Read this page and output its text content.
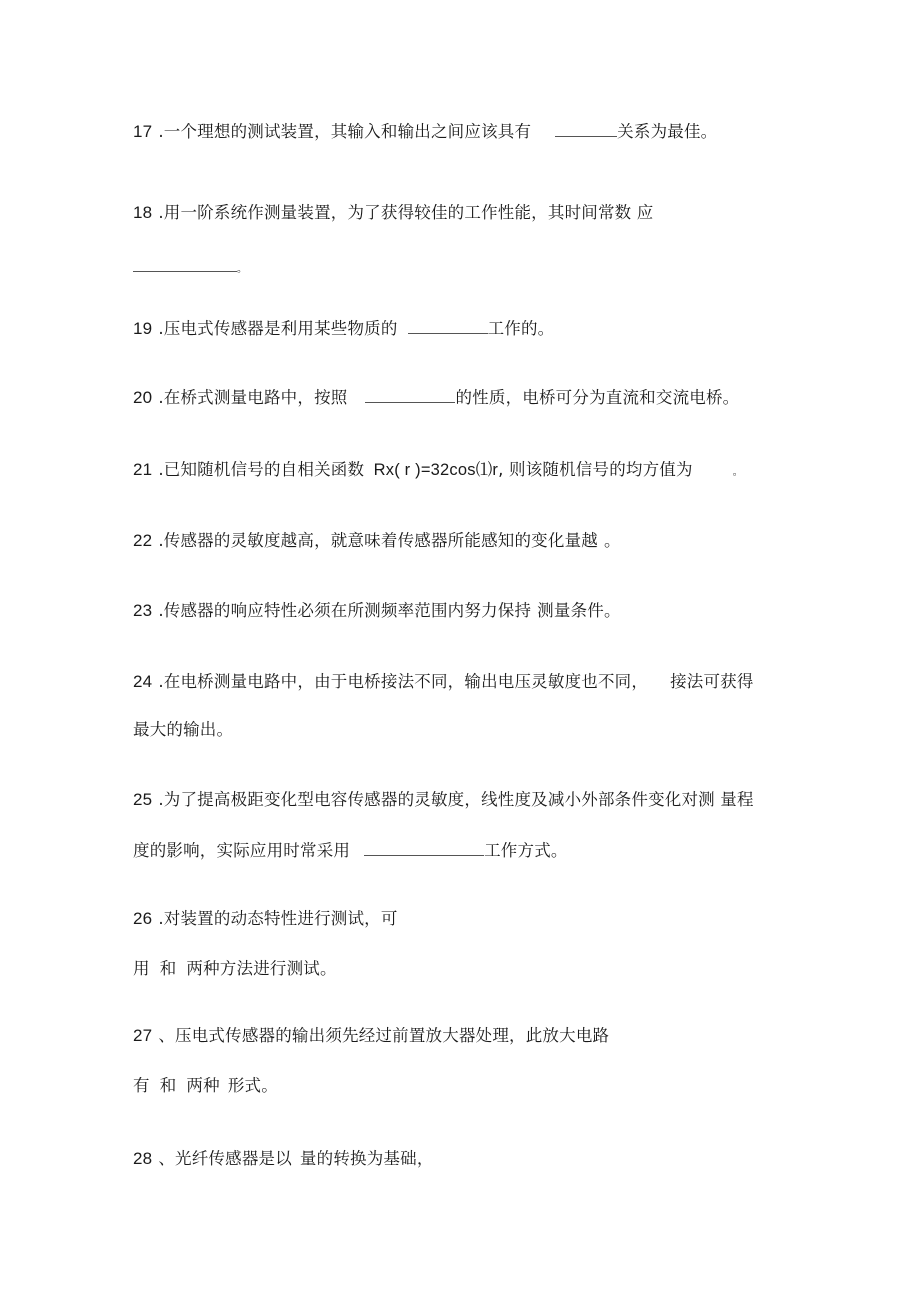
17 .一个理想的测试装置，其输入和输出之间应该具有	关系为最佳。
18 .用一阶系统作测量装置，为了获得较佳的工作性能，其时间常数 应
。
19 .压电式传感器是利用某些物质的	工作的。
20 .在桥式测量电路中，按照	的性质，电桥可分为直流和交流电桥。
21 .已知随机信号的自相关函数 Rx( r )=32cos⑴r, 则该随机信号的均方值为	。
22 .传感器的灵敏度越高，就意味着传感器所能感知的变化量越 。
23 .传感器的响应特性必须在所测频率范围内努力保持 测量条件。
24 .在电桥测量电路中，由于电桥接法不同，输出电压灵敏度也不同， 接法可获得
最大的输出。
25 .为了提高极距变化型电容传感器的灵敏度，线性度及减小外部条件变化对测 量程
度的影响，实际应用时常采用	工作方式。
26 .对装置的动态特性进行测试，可
用 和 两种方法进行测试。
27 、压电式传感器的输出须先经过前置放大器处理，此放大电路
有 和 两种 形式。
28 、光纤传感器是以 量的转换为基础，
